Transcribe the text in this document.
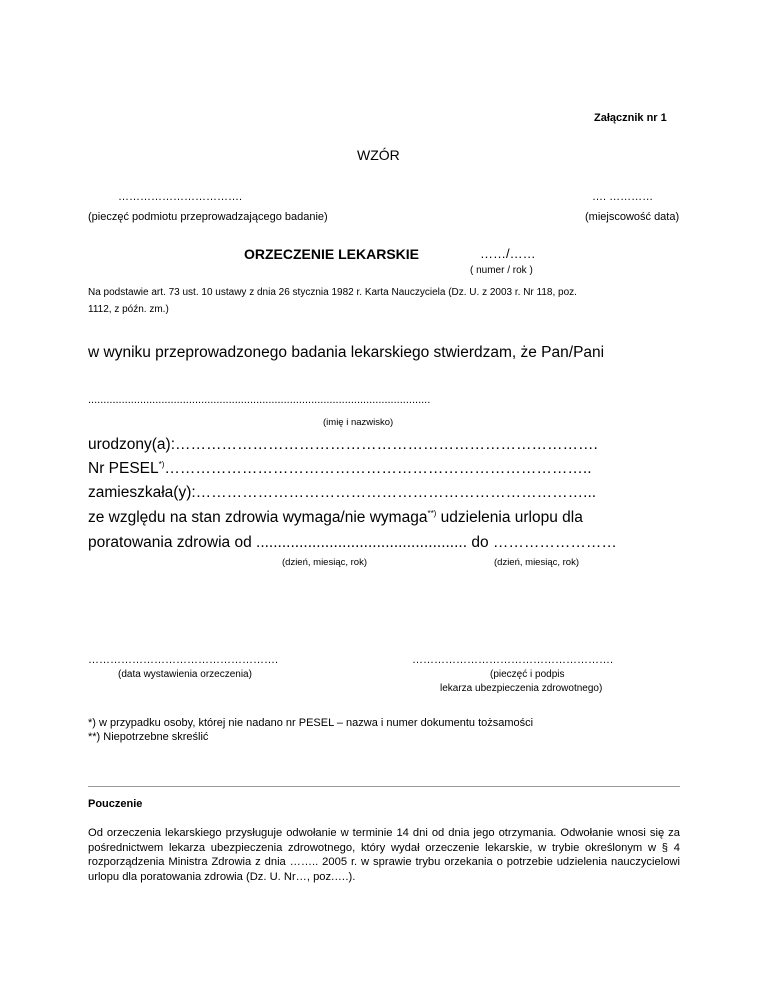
Załącznik nr 1
WZÓR
…………………………….
(pieczęć podmiotu przeprowadzającego badanie)
…. …………
(miejscowość data)
ORZECZENIE LEKARSKIE	……/……
( numer / rok )
Na podstawie art. 73 ust. 10 ustawy z dnia 26 stycznia 1982 r. Karta Nauczyciela (Dz. U. z 2003 r. Nr 118, poz.
1112, z późn. zm.)
w wyniku przeprowadzonego badania lekarskiego stwierdzam, że Pan/Pani
................................................................................................................
(imię i nazwisko)
urodzony(a):……………………………………………………………………….
Nr PESEL*)………………………………………………………………………..
zamieszkała(y):…………………………………………………………………...
ze względu na stan zdrowia wymaga/nie wymaga**) udzielenia urlopu dla
poratowania zdrowia od ................................................. do ……………………
(dzień, miesiąc, rok)	(dzień, miesiąc, rok)
…………………………………………….
(data wystawienia orzeczenia)
……………………………………………….
(pieczęć i podpis
lekarza ubezpieczenia zdrowotnego)
*) w przypadku osoby, której nie nadano nr PESEL – nazwa i numer dokumentu tożsamości
**) Niepotrzebne skreślić
Pouczenie
Od orzeczenia lekarskiego przysługuje odwołanie w terminie 14 dni od dnia jego otrzymania. Odwołanie wnosi się za pośrednictwem lekarza ubezpieczenia zdrowotnego, który wydał orzeczenie lekarskie, w trybie określonym w § 4 rozporządzenia Ministra Zdrowia z dnia …….. 2005 r. w sprawie trybu orzekania o potrzebie udzielenia nauczycielowi urlopu dla poratowania zdrowia (Dz. U. Nr…, poz.….).
